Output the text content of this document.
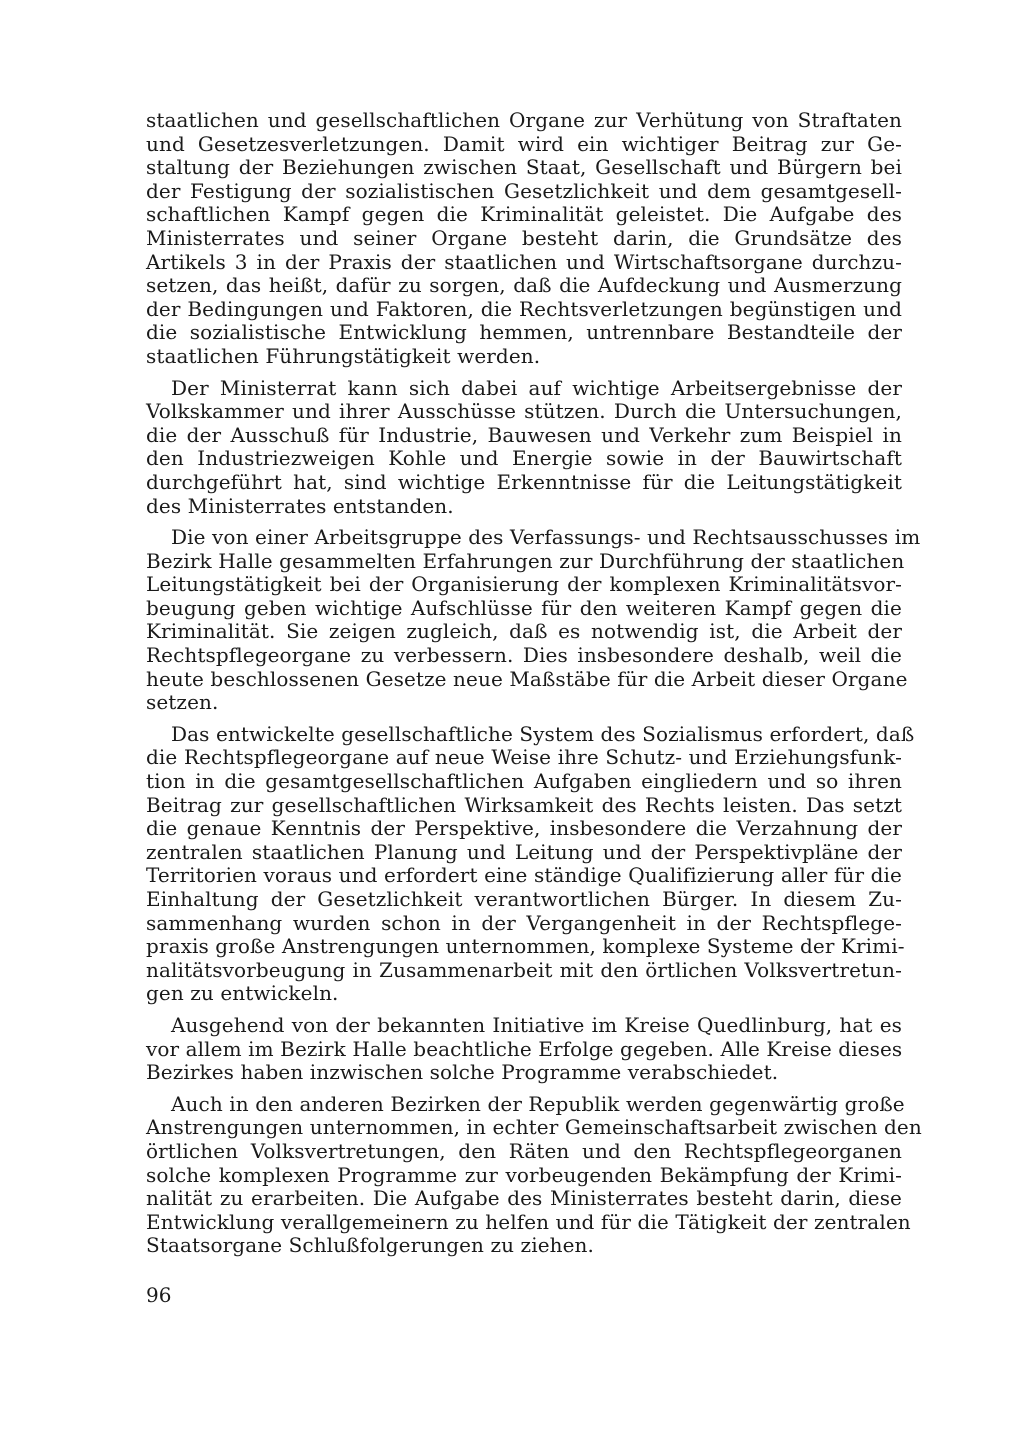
staatlichen und gesellschaftlichen Organe zur Verhütung von Straftaten
und Gesetzesverletzungen. Damit wird ein wichtiger Beitrag zur Ge-
staltung der Beziehungen zwischen Staat, Gesellschaft und Bürgern bei
der Festigung der sozialistischen Gesetzlichkeit und dem gesamtgesell-
schaftlichen Kampf gegen die Kriminalität geleistet. Die Aufgabe des
Ministerrates und seiner Organe besteht darin, die Grundsätze des
Artikels 3 in der Praxis der staatlichen und Wirtschaftsorgane durchzu-
setzen, das heißt, dafür zu sorgen, daß die Aufdeckung und Ausmerzung
der Bedingungen und Faktoren, die Rechtsverletzungen begünstigen und
die sozialistische Entwicklung hemmen, untrennbare Bestandteile der
staatlichen Führungstätigkeit werden.
Der Ministerrat kann sich dabei auf wichtige Arbeitsergebnisse der
Volkskammer und ihrer Ausschüsse stützen. Durch die Untersuchungen,
die der Ausschuß für Industrie, Bauwesen und Verkehr zum Beispiel in
den Industriezweigen Kohle und Energie sowie in der Bauwirtschaft
durchgeführt hat, sind wichtige Erkenntnisse für die Leitungstätigkeit
des Ministerrates entstanden.
Die von einer Arbeitsgruppe des Verfassungs- und Rechtsausschusses im
Bezirk Halle gesammelten Erfahrungen zur Durchführung der staatlichen
Leitungstätigkeit bei der Organisierung der komplexen Kriminalitätsvor-
beugung geben wichtige Aufschlüsse für den weiteren Kampf gegen die
Kriminalität. Sie zeigen zugleich, daß es notwendig ist, die Arbeit der
Rechtspflegeorgane zu verbessern. Dies insbesondere deshalb, weil die
heute beschlossenen Gesetze neue Maßstäbe für die Arbeit dieser Organe
setzen.
Das entwickelte gesellschaftliche System des Sozialismus erfordert, daß
die Rechtspflegeorgane auf neue Weise ihre Schutz- und Erziehungsfunk-
tion in die gesamtgesellschaftlichen Aufgaben eingliedern und so ihren
Beitrag zur gesellschaftlichen Wirksamkeit des Rechts leisten. Das setzt
die genaue Kenntnis der Perspektive, insbesondere die Verzahnung der
zentralen staatlichen Planung und Leitung und der Perspektivpläne der
Territorien voraus und erfordert eine ständige Qualifizierung aller für die
Einhaltung der Gesetzlichkeit verantwortlichen Bürger. In diesem Zu-
sammenhang wurden schon in der Vergangenheit in der Rechtspflege-
praxis große Anstrengungen unternommen, komplexe Systeme der Krimi-
nalitätsvorbeugung in Zusammenarbeit mit den örtlichen Volksvertretun-
gen zu entwickeln.
Ausgehend von der bekannten Initiative im Kreise Quedlinburg, hat es
vor allem im Bezirk Halle beachtliche Erfolge gegeben. Alle Kreise dieses
Bezirkes haben inzwischen solche Programme verabschiedet.
Auch in den anderen Bezirken der Republik werden gegenwärtig große
Anstrengungen unternommen, in echter Gemeinschaftsarbeit zwischen den
örtlichen Volksvertretungen, den Räten und den Rechtspflegeorganen
solche komplexen Programme zur vorbeugenden Bekämpfung der Krimi-
nalität zu erarbeiten. Die Aufgabe des Ministerrates besteht darin, diese
Entwicklung verallgemeinern zu helfen und für die Tätigkeit der zentralen
Staatsorgane Schlußfolgerungen zu ziehen.
96
